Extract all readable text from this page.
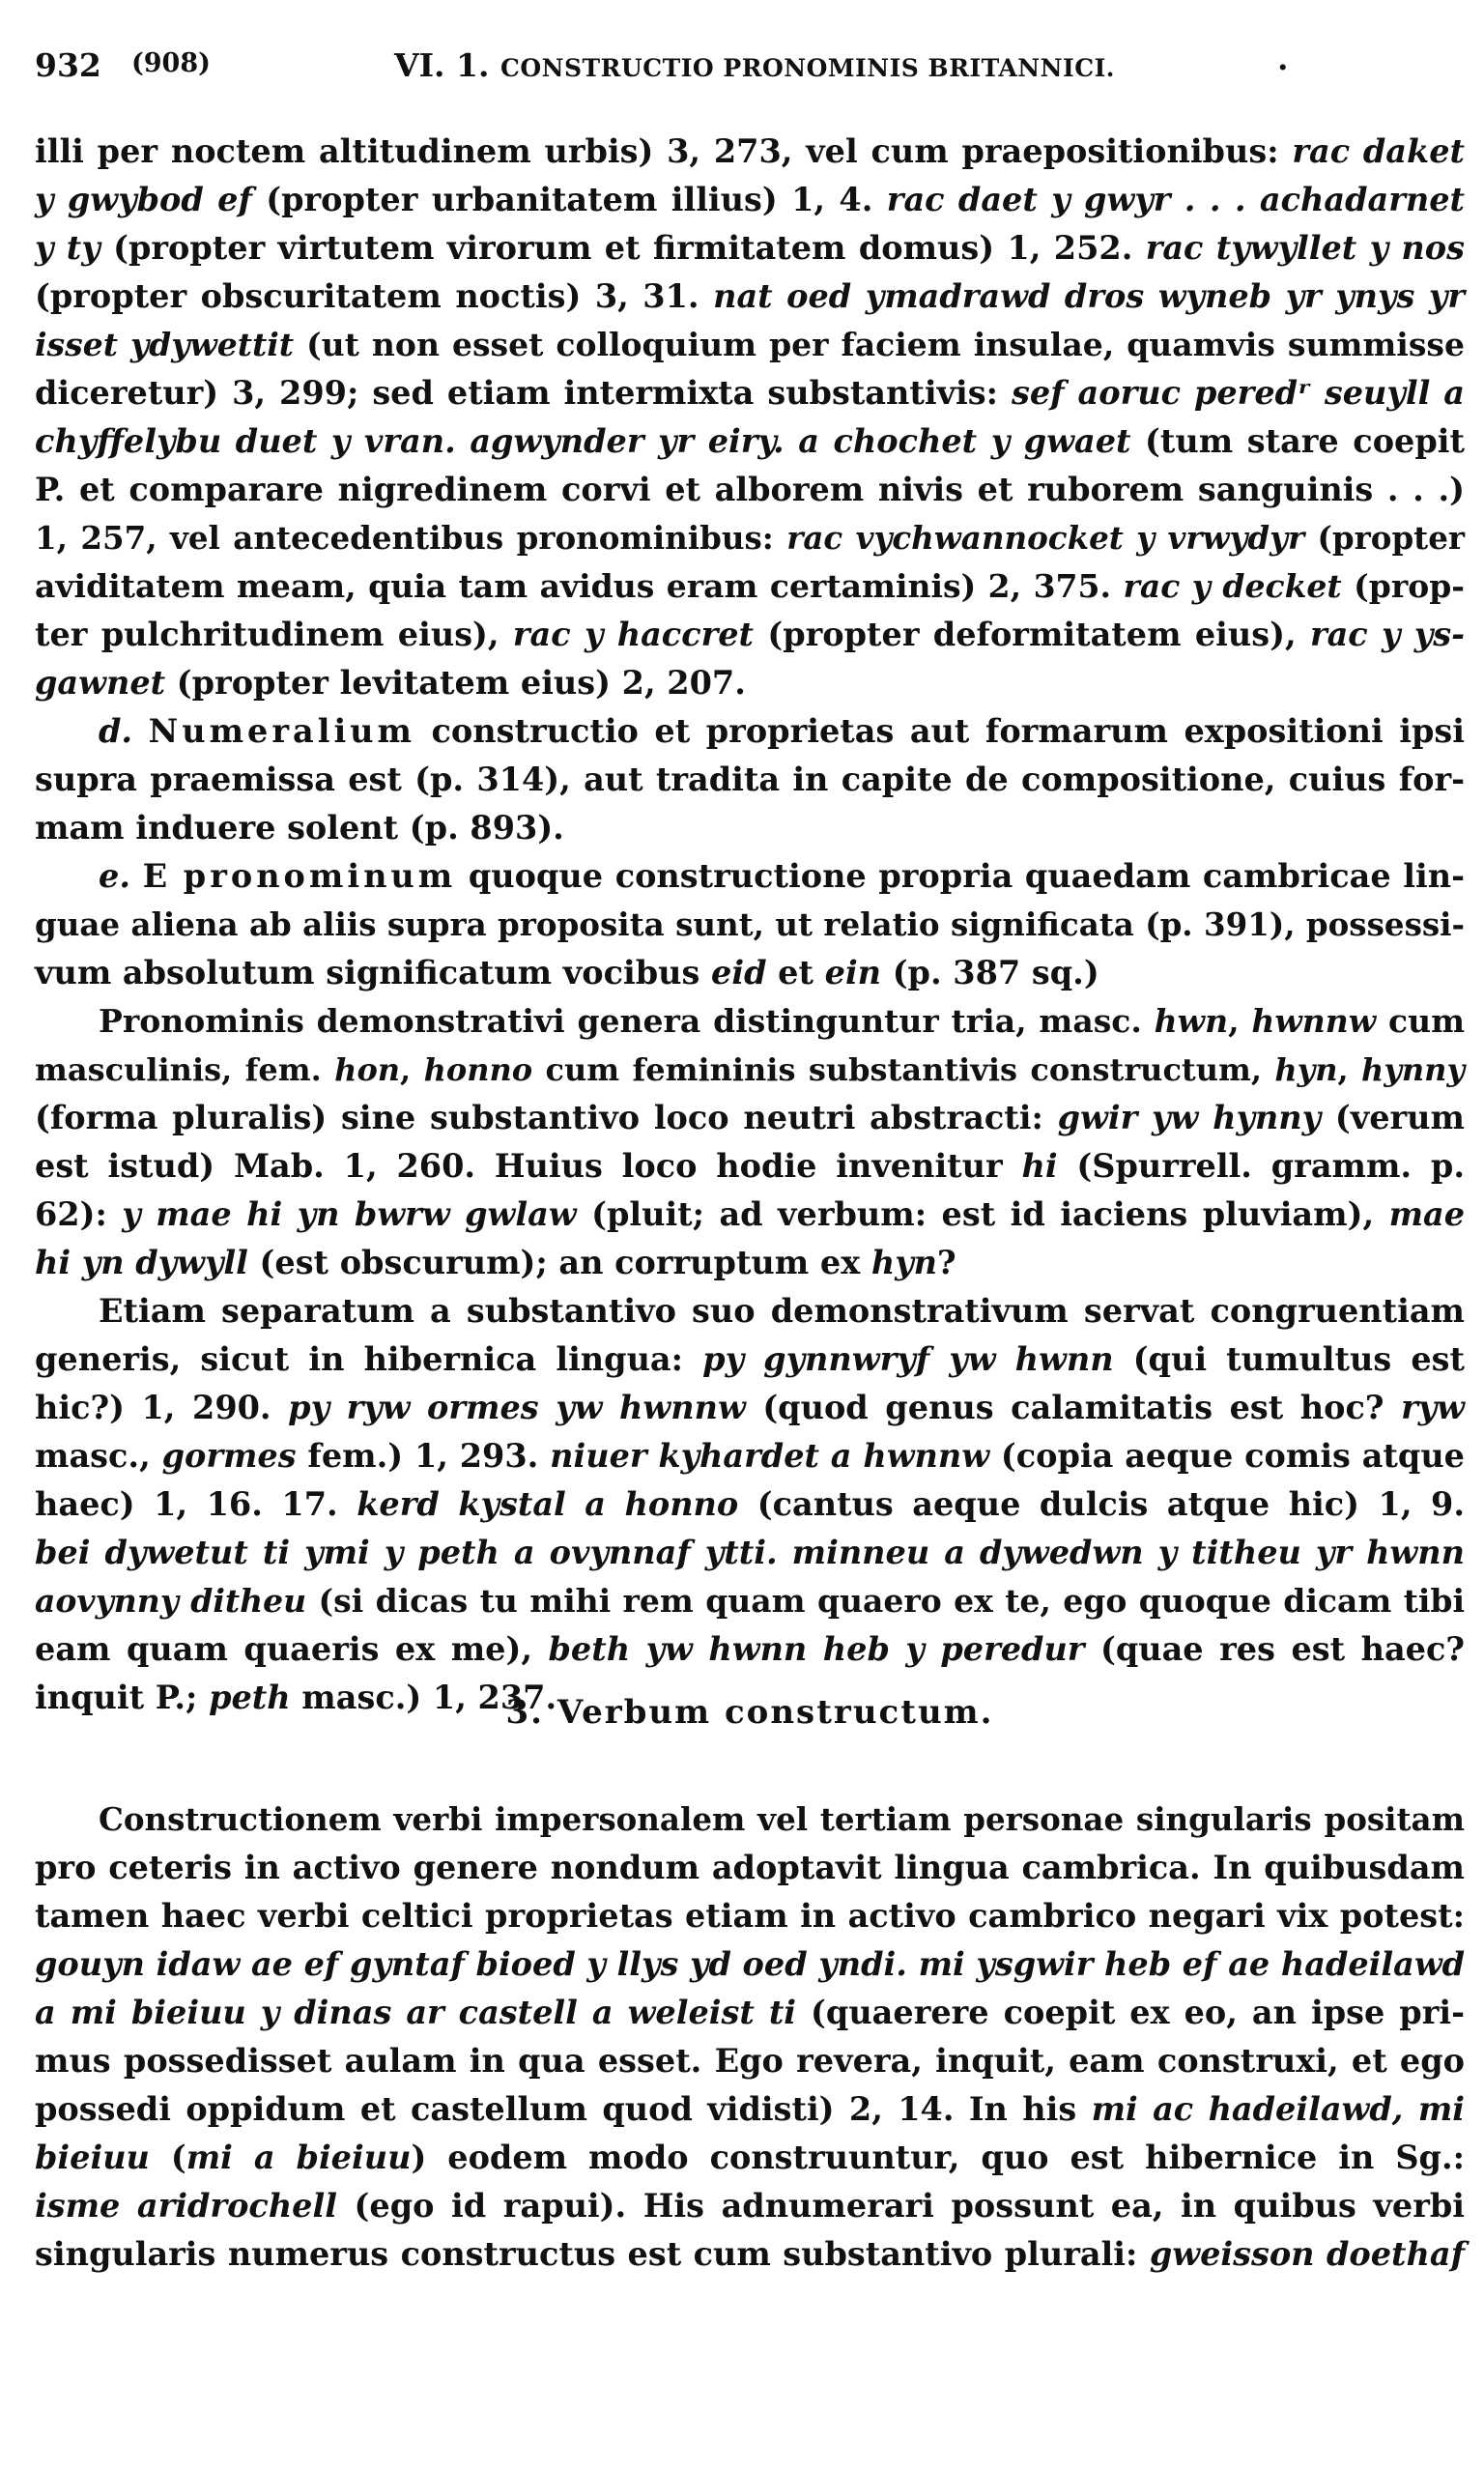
932 (908)	VI. 1. CONSTRUCTIO PRONOMINIS BRITANNICI.	·
illi per noctem altitudinem urbis) 3, 273, vel cum praepositionibus: rac daket
y gwybod ef (propter urbanitatem illius) 1, 4. rac daet y gwyr . . . achadarnet
y ty (propter virtutem virorum et firmitatem domus) 1, 252. rac tywyllet y nos
(propter obscuritatem noctis) 3, 31. nat oed ymadrawd dros wyneb yr ynys yr
isset ydywettit (ut non esset colloquium per faciem insulae, quamvis summisse
diceretur) 3, 299; sed etiam intermixta substantivis: sef aoruc peredʳ seuyll a
chyffelybu duet y vran. agwynder yr eiry. a chochet y gwaet (tum stare coepit
P. et comparare nigredinem corvi et alborem nivis et ruborem sanguinis . . .)
1, 257, vel antecedentibus pronominibus: rac vychwannocket y vrwydyr (propter
aviditatem meam, quia tam avidus eram certaminis) 2, 375. rac y decket (prop-
ter pulchritudinem eius), rac y haccret (propter deformitatem eius), rac y ys-
gawnet (propter levitatem eius) 2, 207.
d. Numeralium constructio et proprietas aut formarum expositioni ipsi
supra praemissa est (p. 314), aut tradita in capite de compositione, cuius for-
mam induere solent (p. 893).
e. E pronominum quoque constructione propria quaedam cambricae lin-
guae aliena ab aliis supra proposita sunt, ut relatio significata (p. 391), possessi-
vum absolutum significatum vocibus eid et ein (p. 387 sq.)
Pronominis demonstrativi genera distinguntur tria, masc. hwn, hwnnw cum
masculinis, fem. hon, honno cum femininis substantivis constructum, hyn, hynny
(forma pluralis) sine substantivo loco neutri abstracti: gwir yw hynny (verum
est istud) Mab. 1, 260. Huius loco hodie invenitur hi (Spurrell. gramm. p.
62): y mae hi yn bwrw gwlaw (pluit; ad verbum: est id iaciens pluviam), mae
hi yn dywyll (est obscurum); an corruptum ex hyn?
Etiam separatum a substantivo suo demonstrativum servat congruentiam
generis, sicut in hibernica lingua: py gynnwryf yw hwnn (qui tumultus est
hic?) 1, 290. py ryw ormes yw hwnnw (quod genus calamitatis est hoc? ryw
masc., gormes fem.) 1, 293. niuer kyhardet a hwnnw (copia aeque comis atque
haec) 1, 16. 17. kerd kystal a honno (cantus aeque dulcis atque hic) 1, 9.
bei dywetut ti ymi y peth a ovynnaf ytti. minneu a dywedwn y titheu yr hwnn
aovynny ditheu (si dicas tu mihi rem quam quaero ex te, ego quoque dicam tibi
eam quam quaeris ex me), beth yw hwnn heb y peredur (quae res est haec?
inquit P.; peth masc.) 1, 237.
3. Verbum constructum.
Constructionem verbi impersonalem vel tertiam personae singularis positam
pro ceteris in activo genere nondum adoptavit lingua cambrica. In quibusdam
tamen haec verbi celtici proprietas etiam in activo cambrico negari vix potest:
gouyn idaw ae ef gyntaf bioed y llys yd oed yndi. mi ysgwir heb ef ae hadeilawd
a mi bieiuu y dinas ar castell a weleist ti (quaerere coepit ex eo, an ipse pri-
mus possedisset aulam in qua esset. Ego revera, inquit, eam construxi, et ego
possedi oppidum et castellum quod vidisti) 2, 14. In his mi ac hadeilawd, mi
bieiuu (mi a bieiuu) eodem modo construuntur, quo est hibernice in Sg.:
isme aridrochell (ego id rapui). His adnumerari possunt ea, in quibus verbi
singularis numerus constructus est cum substantivo plurali: gweisson doethaf
